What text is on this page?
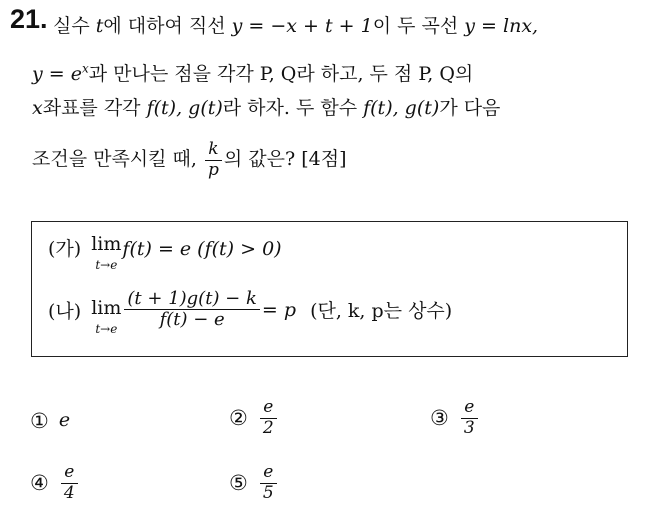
21. 실수 t에 대하여 직선 y = −x + t + 1이 두 곡선 y = lnx,
$y = e^x$과 만나는 점을 각각 P, Q라 하고, 두 점 P, Q의
x좌표를 각각 f(t), g(t)라 하자. 두 함수 f(t), g(t)가 다음
조건을 만족시킬 때, $\frac{k}{p}$ 의 값은? [4점]
(가) lim
t→e
f(t) = e (f(t) > 0)
(나) lim
$t\to e \frac{(t + 1)g(t) - k}{f(t) - e} = p$ (단, k, p는 상수)
① e	② $\frac{e}{2}$	③ $\frac{e}{3}$
④ $\frac{e}{4}$	⑤ $\frac{e}{5}$
